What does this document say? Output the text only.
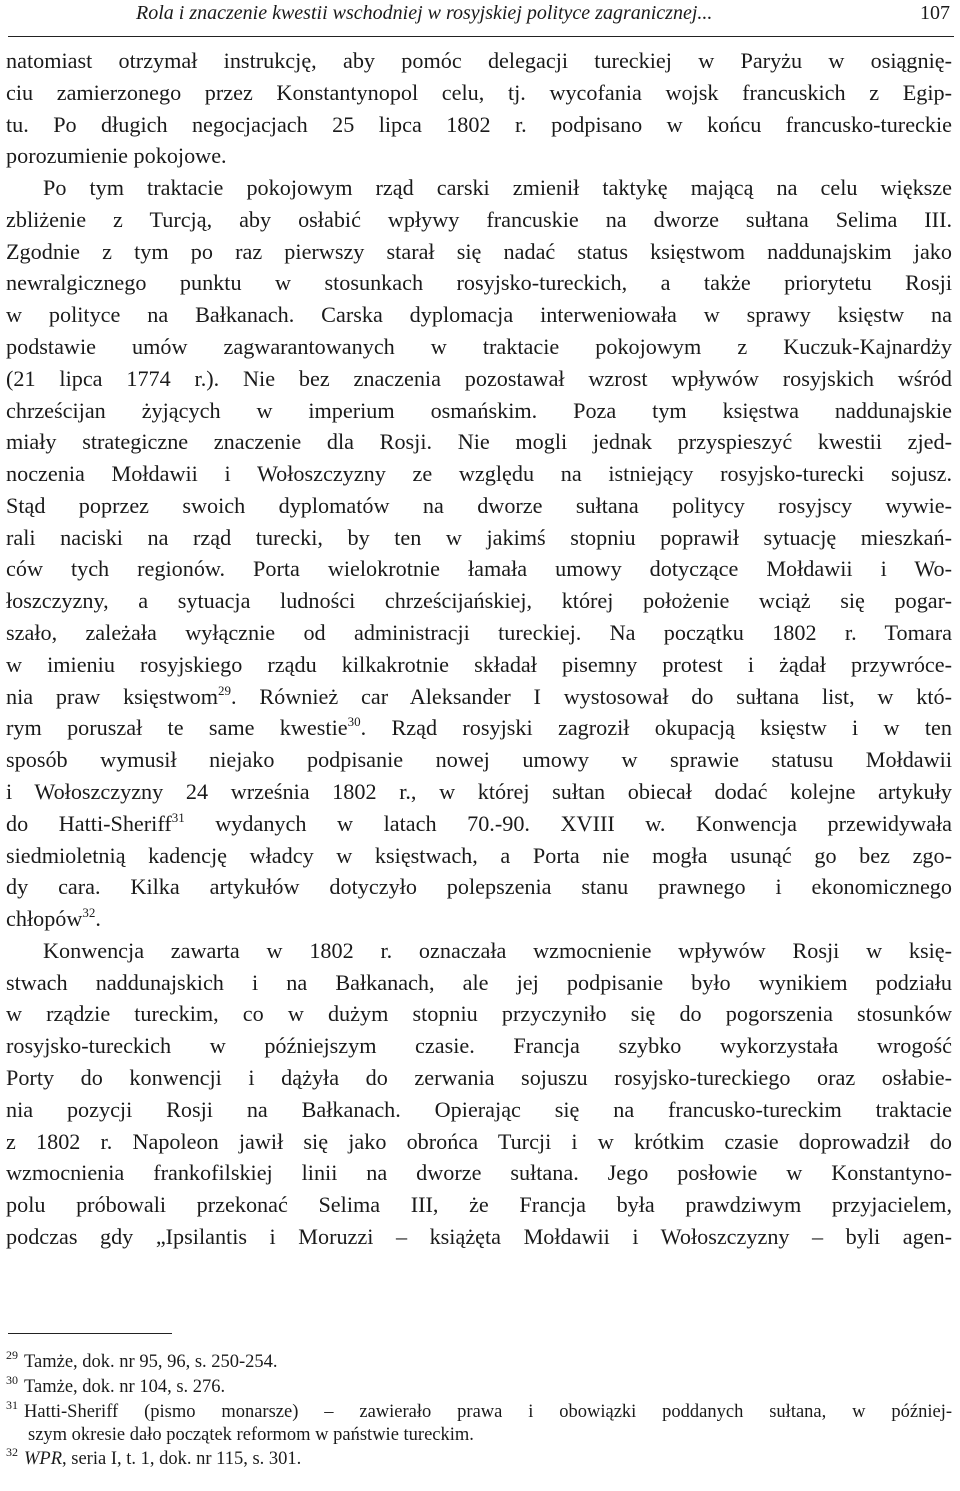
Rola i znaczenie kwestii wschodniej w rosyjskiej polityce zagranicznej...	107
natomiast otrzymał instrukcję, aby pomóc delegacji tureckiej w Paryżu w osiągnię-
ciu zamierzonego przez Konstantynopol celu, tj. wycofania wojsk francuskich z Egip-
tu. Po długich negocjacjach 25 lipca 1802 r. podpisano w końcu francusko-tureckie
porozumienie pokojowe.
Po tym traktacie pokojowym rząd carski zmienił taktykę mającą na celu większe
zbliżenie z Turcją, aby osłabić wpływy francuskie na dworze sułtana Selima III.
Zgodnie z tym po raz pierwszy starał się nadać status księstwom naddunajskim jako
newralgicznego punktu w stosunkach rosyjsko-tureckich, a także priorytetu Rosji
w polityce na Bałkanach. Carska dyplomacja interweniowała w sprawy księstw na
podstawie umów zagwarantowanych w traktacie pokojowym z Kuczuk-Kajnardży
(21 lipca 1774 r.). Nie bez znaczenia pozostawał wzrost wpływów rosyjskich wśród
chrześcijan żyjących w imperium osmańskim. Poza tym księstwa naddunajskie
miały strategiczne znaczenie dla Rosji. Nie mogli jednak przyspieszyć kwestii zjed-
noczenia Mołdawii i Wołoszczyzny ze względu na istniejący rosyjsko-turecki sojusz.
Stąd poprzez swoich dyplomatów na dworze sułtana politycy rosyjscy wywie-
rali naciski na rząd turecki, by ten w jakimś stopniu poprawił sytuację mieszkań-
ców tych regionów. Porta wielokrotnie łamała umowy dotyczące Mołdawii i Wo-
łoszczyzny, a sytuacja ludności chrześcijańskiej, której położenie wciąż się pogar-
szało, zależała wyłącznie od administracji tureckiej. Na początku 1802 r. Tomara
w imieniu rosyjskiego rządu kilkakrotnie składał pisemny protest i żądał przywróce-
nia praw księstwom$^{29}$. Również car Aleksander I wystosował do sułtana list, w któ-
rym poruszał te same kwestie$^{30}$. Rząd rosyjski zagroził okupacją księstw i w ten
sposób wymusił niejako podpisanie nowej umowy w sprawie statusu Mołdawii
i Wołoszczyzny 24 września 1802 r., w której sułtan obiecał dodać kolejne artykuły
do Hatti-Sheriff$^{31}$ wydanych w latach 70.-90. XVIII w. Konwencja przewidywała
siedmioletnią kadencję władcy w księstwach, a Porta nie mogła usunąć go bez zgo-
dy cara. Kilka artykułów dotyczyło polepszenia stanu prawnego i ekonomicznego
chłopów$^{32}$.
Konwencja zawarta w 1802 r. oznaczała wzmocnienie wpływów Rosji w księ-
stwach naddunajskich i na Bałkanach, ale jej podpisanie było wynikiem podziału
w rządzie tureckim, co w dużym stopniu przyczyniło się do pogorszenia stosunków
rosyjsko-tureckich w późniejszym czasie. Francja szybko wykorzystała wrogość
Porty do konwencji i dążyła do zerwania sojuszu rosyjsko-tureckiego oraz osłabie-
nia pozycji Rosji na Bałkanach. Opierając się na francusko-tureckim traktacie
z 1802 r. Napoleon jawił się jako obrońca Turcji i w krótkim czasie doprowadził do
wzmocnienia frankofilskiej linii na dworze sułtana. Jego posłowie w Konstantyno-
polu próbowali przekonać Selima III, że Francja była prawdziwym przyjacielem,
podczas gdy „Ipsilantis i Moruzzi – książęta Mołdawii i Wołoszczyzny – byli agen-
$^{29}$ Tamże, dok. nr 95, 96, s. 250-254.
$^{30}$ Tamże, dok. nr 104, s. 276.
$^{31}$ Hatti-Sheriff (pismo monarsze) – zawierało prawa i obowiązki poddanych sułtana, w później-
szym okresie dało początek reformom w państwie tureckim.
$^{32}$ WPR, seria I, t. 1, dok. nr 115, s. 301.
